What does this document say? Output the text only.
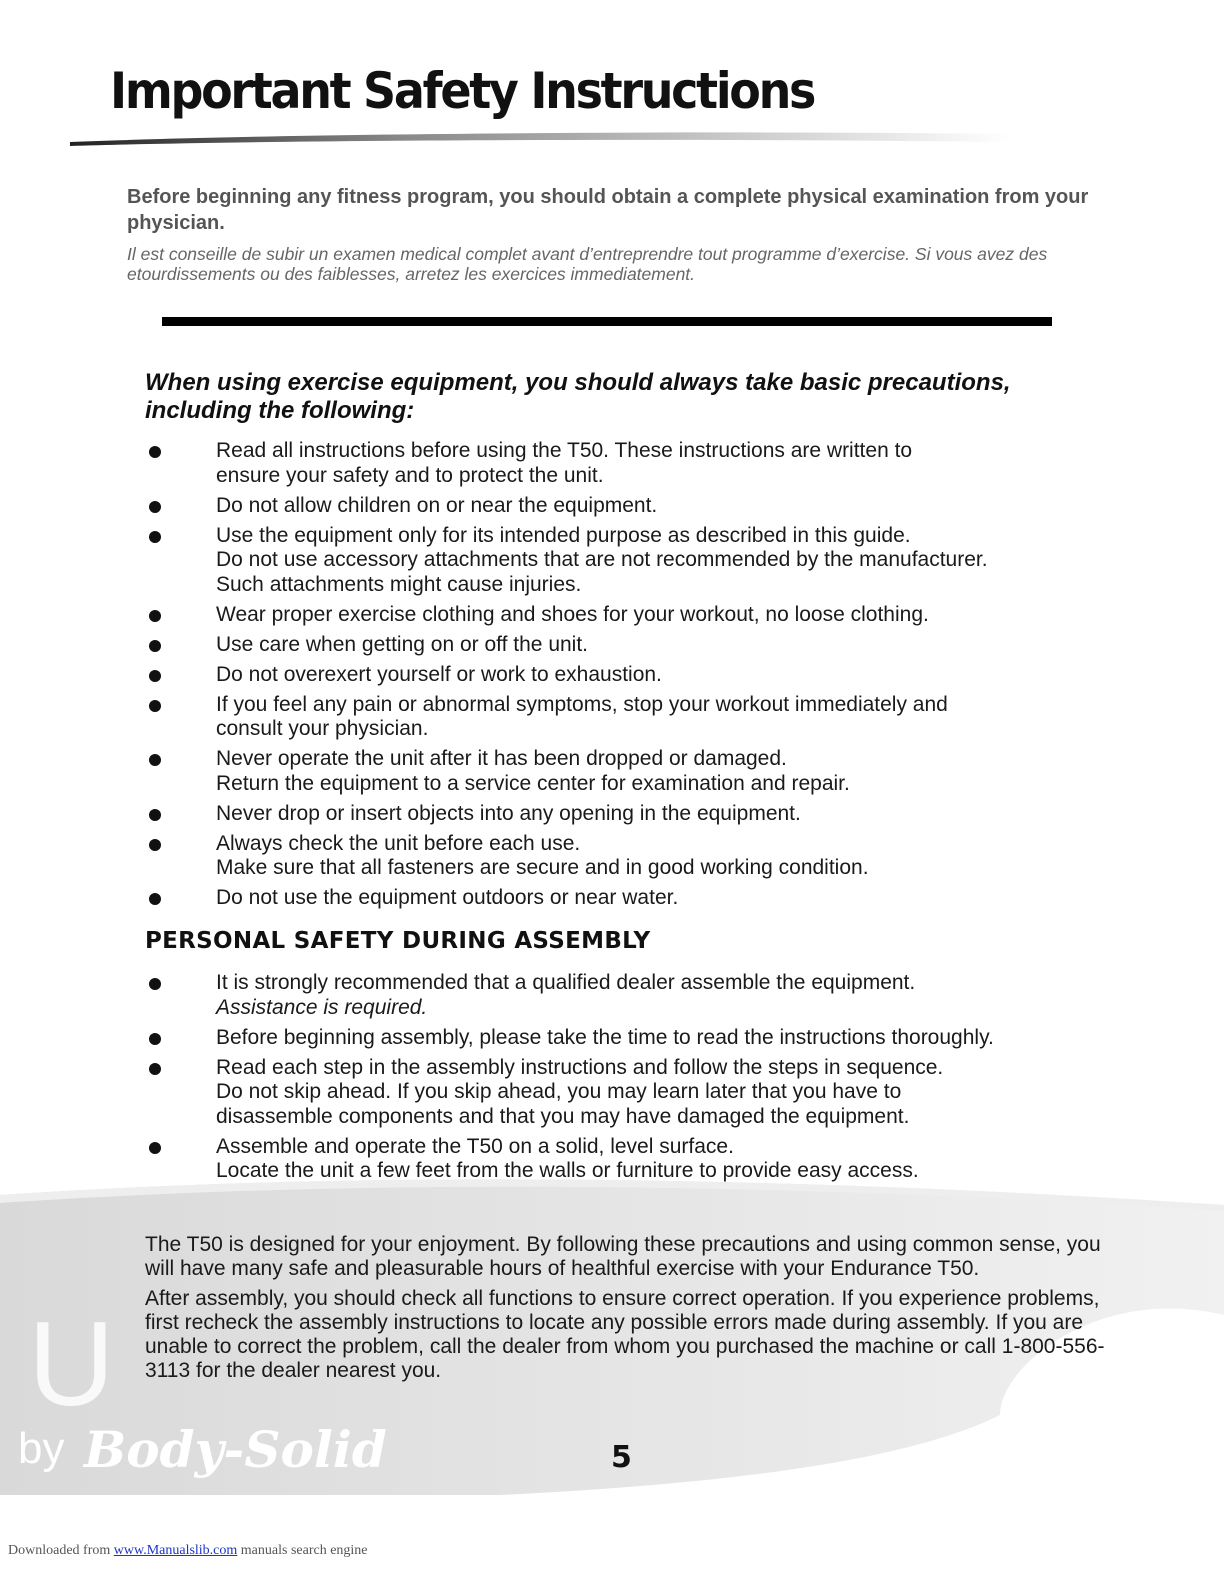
U
by Body-Solid
Important Safety Instructions
Before beginning any fitness program, you should obtain a complete physical examination from your physician.
Il est conseille de subir un examen medical complet avant d’entreprendre tout programme d’exercise. Si vous avez des etourdissements ou des faiblesses, arretez les exercices immediatement.
When using exercise equipment, you should always take basic precautions, including the following:
Read all instructions before using the T50. These instructions are written to
ensure your safety and to protect the unit.
Do not allow children on or near the equipment.
Use the equipment only for its intended purpose as described in this guide.
Do not use accessory attachments that are not recommended by the manufacturer.
Such attachments might cause injuries.
Wear proper exercise clothing and shoes for your workout, no loose clothing.
Use care when getting on or off the unit.
Do not overexert yourself or work to exhaustion.
If you feel any pain or abnormal symptoms, stop your workout immediately and
consult your physician.
Never operate the unit after it has been dropped or damaged.
Return the equipment to a service center for examination and repair.
Never drop or insert objects into any opening in the equipment.
Always check the unit before each use.
Make sure that all fasteners are secure and in good working condition.
Do not use the equipment outdoors or near water.
PERSONAL SAFETY DURING ASSEMBLY
It is strongly recommended that a qualified dealer assemble the equipment.
Assistance is required.
Before beginning assembly, please take the time to read the instructions thoroughly.
Read each step in the assembly instructions and follow the steps in sequence.
Do not skip ahead. If you skip ahead, you may learn later that you have to
disassemble components and that you may have damaged the equipment.
Assemble and operate the T50 on a solid, level surface.
Locate the unit a few feet from the walls or furniture to provide easy access.

The T50 is designed for your enjoyment. By following these precautions and using common sense, you will have many safe and pleasurable hours of healthful exercise with your Endurance T50.

After assembly, you should check all functions to ensure correct operation. If you experience problems, first recheck the assembly instructions to locate any possible errors made during assembly. If you are unable to correct the problem, call the dealer from whom you purchased the machine or call 1-800-556-3113 for the dealer nearest you.

5
Downloaded from www.Manualslib.com manuals search engine
